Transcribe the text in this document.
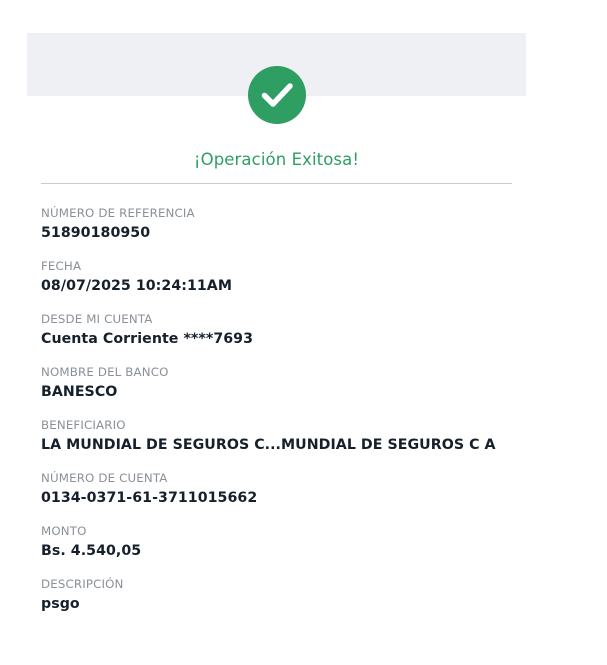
¡Operación Exitosa!
NÚMERO DE REFERENCIA
51890180950
FECHA
08/07/2025 10:24:11AM
DESDE MI CUENTA
Cuenta Corriente ****7693
NOMBRE DEL BANCO
BANESCO
BENEFICIARIO
LA MUNDIAL DE SEGUROS C...MUNDIAL DE SEGUROS C A
NÚMERO DE CUENTA
0134-0371-61-3711015662
MONTO
Bs. 4.540,05
DESCRIPCIÓN
psgo
